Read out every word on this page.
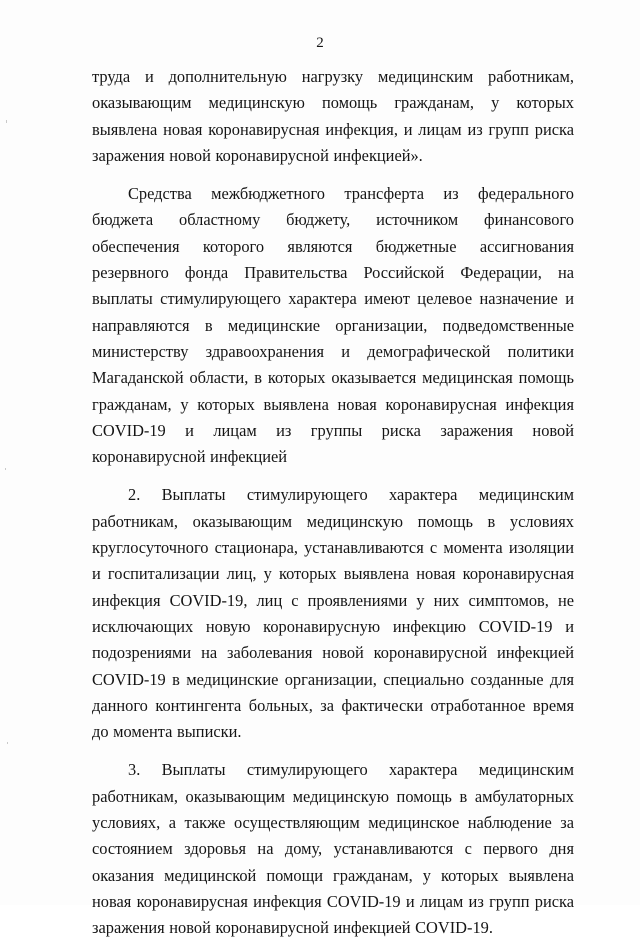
2

труда и дополнительную нагрузку медицинским работникам, оказывающим медицинскую помощь гражданам, у которых выявлена новая коронавирусная инфекция, и лицам из групп риска заражения новой коронавирусной инфекцией».

Средства межбюджетного трансферта из федерального бюджета областному бюджету, источником финансового обеспечения которого являются бюджетные ассигнования резервного фонда Правительства Российской Федерации, на выплаты стимулирующего характера имеют целевое назначение и направляются в медицинские организации, подведомственные министерству здравоохранения и демографической политики Магаданской области, в которых оказывается медицинская помощь гражданам, у которых выявлена новая коронавирусная инфекция COVID-19 и лицам из группы риска заражения новой коронавирусной инфекцией

2. Выплаты стимулирующего характера медицинским работникам, оказывающим медицинскую помощь в условиях круглосуточного стационара, устанавливаются с момента изоляции и госпитализации лиц, у которых выявлена новая коронавирусная инфекция COVID-19, лиц с проявлениями у них симптомов, не исключающих новую коронавирусную инфекцию COVID-19 и подозрениями на заболевания новой коронавирусной инфекцией COVID-19 в медицинские организации, специально созданные для данного контингента больных, за фактически отработанное время до момента выписки.

3. Выплаты стимулирующего характера медицинским работникам, оказывающим медицинскую помощь в амбулаторных условиях, а также осуществляющим медицинское наблюдение за состоянием здоровья на дому, устанавливаются с первого дня оказания медицинской помощи гражданам, у которых выявлена новая коронавирусная инфекция COVID-19 и лицам из групп риска заражения новой коронавирусной инфекцией COVID-19.
